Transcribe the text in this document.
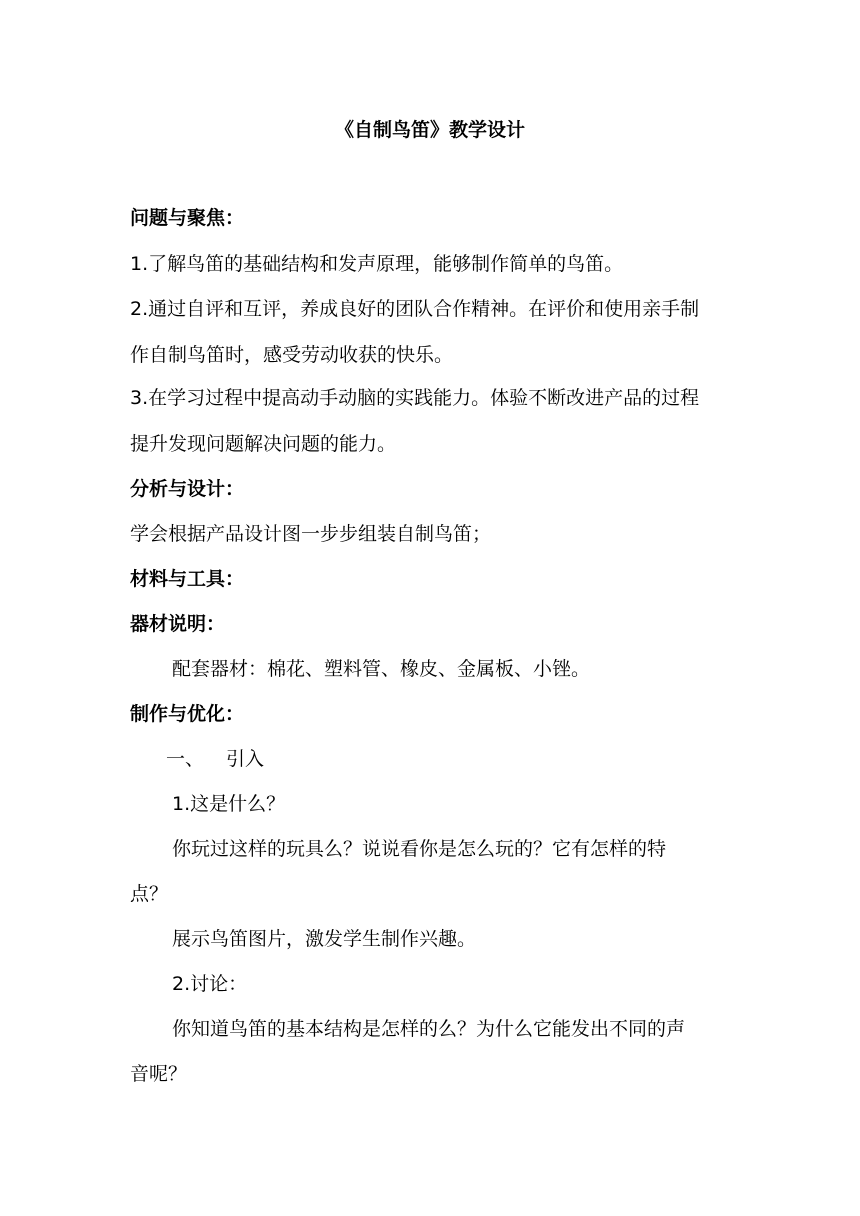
《自制鸟笛》教学设计
问题与聚焦：
1.了解鸟笛的基础结构和发声原理，能够制作简单的鸟笛。
2.通过自评和互评，养成良好的团队合作精神。在评价和使用亲手制
作自制鸟笛时，感受劳动收获的快乐。
3.在学习过程中提高动手动脑的实践能力。体验不断改进产品的过程
提升发现问题解决问题的能力。
分析与设计：
学会根据产品设计图一步步组装自制鸟笛；
材料与工具：
器材说明：
配套器材：棉花、塑料管、橡皮、金属板、小锉。
制作与优化：
一、 引入
1.这是什么？
你玩过这样的玩具么？说说看你是怎么玩的？它有怎样的特
点？
展示鸟笛图片，激发学生制作兴趣。
2.讨论：
你知道鸟笛的基本结构是怎样的么？为什么它能发出不同的声
音呢？
